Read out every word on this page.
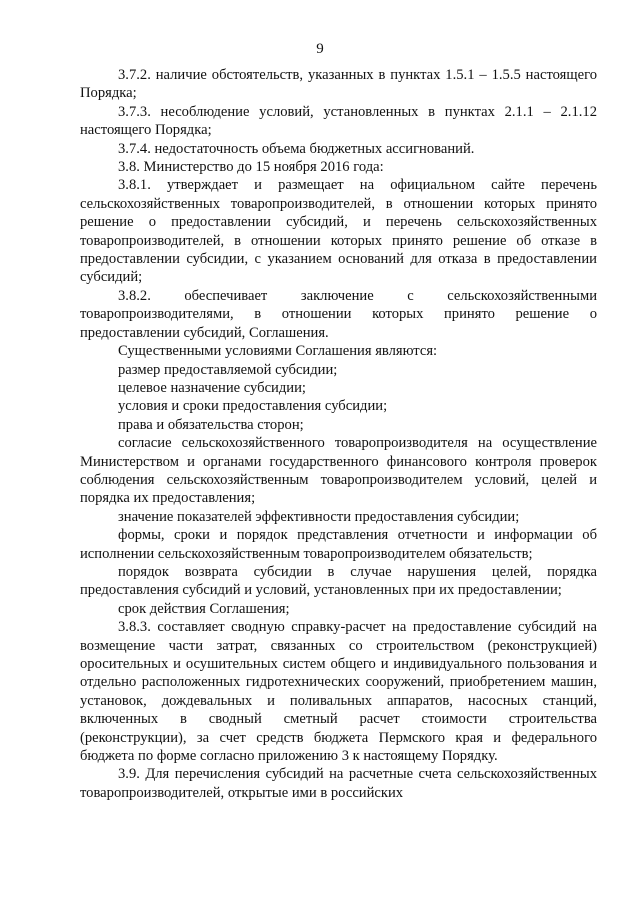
9

3.7.2. наличие обстоятельств, указанных в пунктах 1.5.1 – 1.5.5 настоящего Порядка;

3.7.3. несоблюдение условий, установленных в пунктах 2.1.1 – 2.1.12 настоящего Порядка;

3.7.4. недостаточность объема бюджетных ассигнований.

3.8. Министерство до 15 ноября 2016 года:

3.8.1. утверждает и размещает на официальном сайте перечень сельскохозяйственных товаропроизводителей, в отношении которых принято решение о предоставлении субсидий, и перечень сельскохозяйственных товаропроизводителей, в отношении которых принято решение об отказе в предоставлении субсидии, с указанием оснований для отказа в предоставлении субсидий;

3.8.2. обеспечивает заключение с сельскохозяйственными товаропроизводителями, в отношении которых принято решение о предоставлении субсидий, Соглашения.

Существенными условиями Соглашения являются:

размер предоставляемой субсидии;

целевое назначение субсидии;

условия и сроки предоставления субсидии;

права и обязательства сторон;

согласие сельскохозяйственного товаропроизводителя на осуществление Министерством и органами государственного финансового контроля проверок соблюдения сельскохозяйственным товаропроизводителем условий, целей и порядка их предоставления;

значение показателей эффективности предоставления субсидии;

формы, сроки и порядок представления отчетности и информации об исполнении сельскохозяйственным товаропроизводителем обязательств;

порядок возврата субсидии в случае нарушения целей, порядка предоставления субсидий и условий, установленных при их предоставлении;

срок действия Соглашения;

3.8.3. составляет сводную справку-расчет на предоставление субсидий на возмещение части затрат, связанных со строительством (реконструкцией) оросительных и осушительных систем общего и индивидуального пользования и отдельно расположенных гидротехнических сооружений, приобретением машин, установок, дождевальных и поливальных аппаратов, насосных станций, включенных в сводный сметный расчет стоимости строительства (реконструкции), за счет средств бюджета Пермского края и федерального бюджета по форме согласно приложению 3 к настоящему Порядку.

3.9. Для перечисления субсидий на расчетные счета сельскохозяйственных товаропроизводителей, открытые ими в российских
